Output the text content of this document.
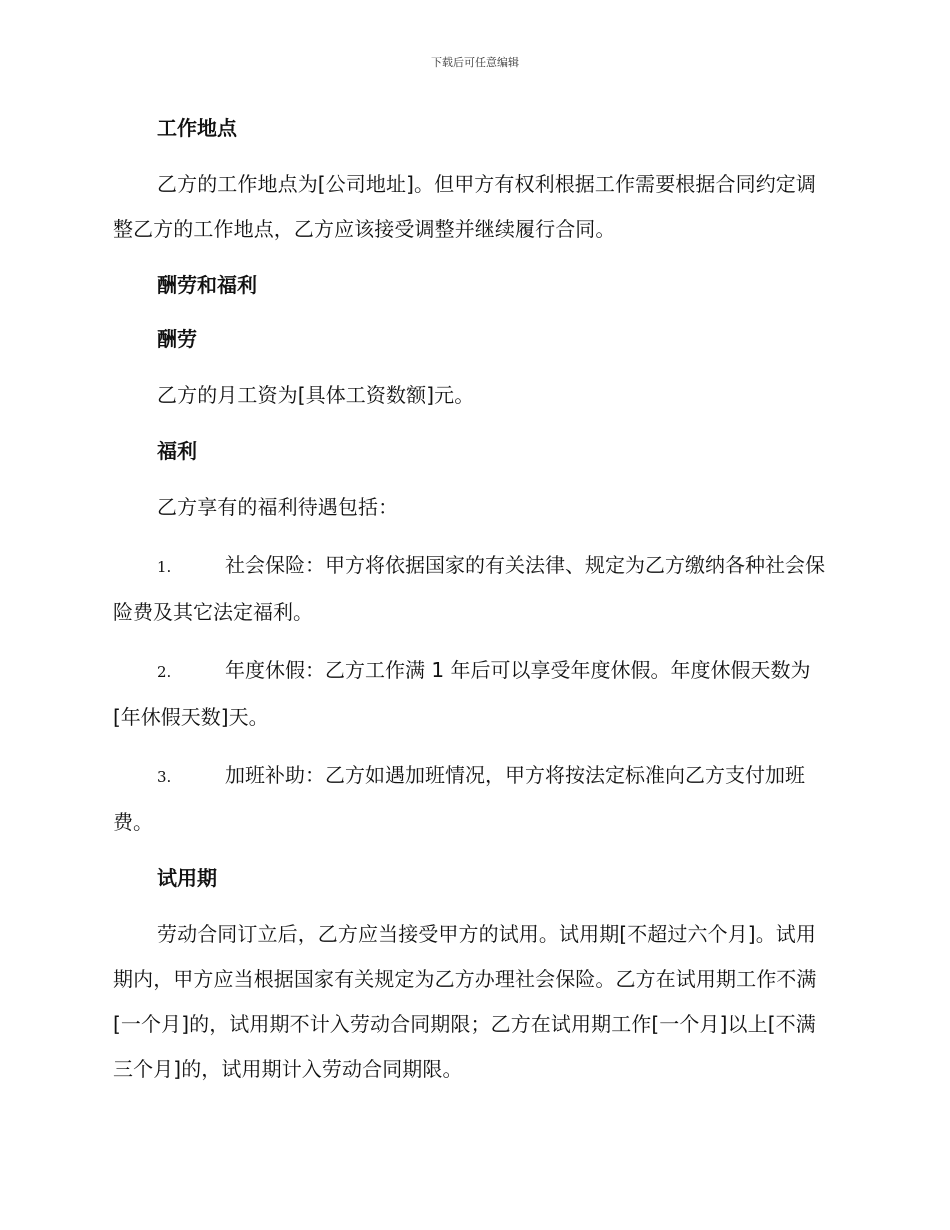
下载后可任意编辑
工作地点

乙方的工作地点为[公司地址]。但甲方有权利根据工作需要根据合同约定调整乙方的工作地点，乙方应该接受调整并继续履行合同。

酬劳和福利
酬劳

乙方的月工资为[具体工资数额]元。

福利

乙方享有的福利待遇包括：

1.	社会保险：甲方将依据国家的有关法律、规定为乙方缴纳各种社会保险费及其它法定福利。

2.	年度休假：乙方工作满 1 年后可以享受年度休假。年度休假天数为[年休假天数]天。

3.	加班补助：乙方如遇加班情况，甲方将按法定标准向乙方支付加班费。

试用期

劳动合同订立后，乙方应当接受甲方的试用。试用期[不超过六个月]。试用期内，甲方应当根据国家有关规定为乙方办理社会保险。乙方在试用期工作不满[一个月]的，试用期不计入劳动合同期限；乙方在试用期工作[一个月]以上[不满三个月]的，试用期计入劳动合同期限。
